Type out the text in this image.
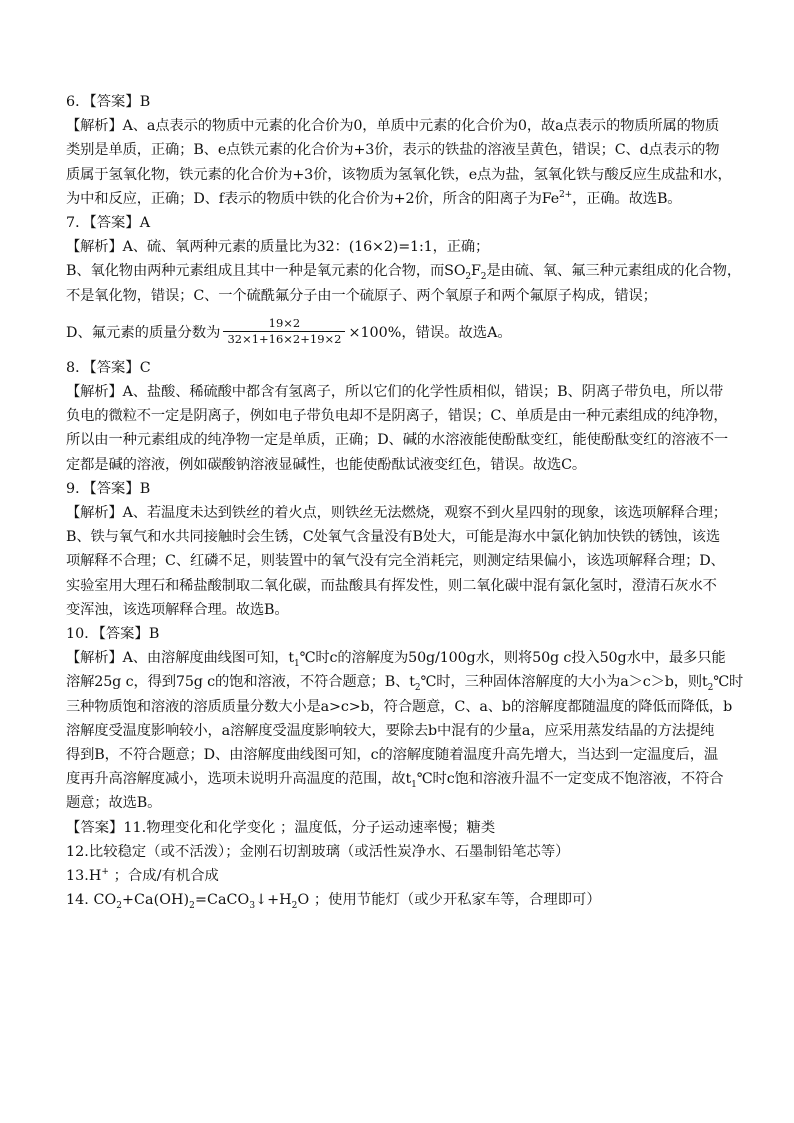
6．【答案】B
【解析】A、a点表示的物质中元素的化合价为0，单质中元素的化合价为0，故a点表示的物质所属的物质
类别是单质，正确；B、e点铁元素的化合价为+3价，表示的铁盐的溶液呈黄色，错误；C、d点表示的物
质属于氢氧化物，铁元素的化合价为+3价，该物质为氢氧化铁，e点为盐，氢氧化铁与酸反应生成盐和水，
为中和反应，正确；D、f表示的物质中铁的化合价为+2价，所含的阳离子为$Fe^{2+}$，正确。故选B。
7．【答案】A
【解析】A、硫、氧两种元素的质量比为32：(16×2)=1:1，正确；
B、氧化物由两种元素组成且其中一种是氧元素的化合物，而$SO_2F_2$是由硫、氧、氟三种元素组成的化合物，
不是氧化物，错误；C、一个硫酰氟分子由一个硫原子、两个氧原子和两个氟原子构成，错误；
D、氟元素的质量分数为 $\frac{19\times 2}{32\times 1+16\times 2+19\times 2} \times 100\%$，错误。故选A。
8．【答案】C
【解析】A、盐酸、稀硫酸中都含有氢离子，所以它们的化学性质相似，错误；B、阴离子带负电，所以带
负电的微粒不一定是阴离子，例如电子带负电却不是阴离子，错误；C、单质是由一种元素组成的纯净物，
所以由一种元素组成的纯净物一定是单质，正确；D、碱的水溶液能使酚酞变红，能使酚酞变红的溶液不一
定都是碱的溶液，例如碳酸钠溶液显碱性，也能使酚酞试液变红色，错误。故选C。
9．【答案】B
【解析】A、若温度未达到铁丝的着火点，则铁丝无法燃烧，观察不到火星四射的现象，该选项解释合理；
B、铁与氧气和水共同接触时会生锈，C处氧气含量没有B处大，可能是海水中氯化钠加快铁的锈蚀，该选
项解释不合理；C、红磷不足，则装置中的氧气没有完全消耗完，则测定结果偏小，该选项解释合理；D、
实验室用大理石和稀盐酸制取二氧化碳，而盐酸具有挥发性，则二氧化碳中混有氯化氢时，澄清石灰水不
变浑浊，该选项解释合理。故选B。
10．【答案】B
【解析】A、由溶解度曲线图可知，$t_1℃$时c的溶解度为50g/100g水，则将50g c投入50g水中，最多只能
溶解25g c，得到75g c的饱和溶液，不符合题意；B、$t_2℃$时，三种固体溶解度的大小为a＞c＞b，则$t_2℃$时
三种物质饱和溶液的溶质质量分数大小是a>c>b，符合题意，C、a、b的溶解度都随温度的降低而降低，b
溶解度受温度影响较小，a溶解度受温度影响较大，要除去b中混有的少量a，应采用蒸发结晶的方法提纯
得到B，不符合题意；D、由溶解度曲线图可知，c的溶解度随着温度升高先增大，当达到一定温度后，温
度再升高溶解度减小，选项未说明升高温度的范围，故$t_1℃$时c饱和溶液升温不一定变成不饱溶液，不符合
题意；故选B。
【答案】11.物理变化和化学变化 ；温度低，分子运动速率慢；糖类
12.比较稳定（或不活泼）；金刚石切割玻璃（或活性炭净水、石墨制铅笔芯等）
13.H+ ；合成/有机合成
14. $CO_2+Ca(OH)_2=CaCO_3↓+H_2O$ ；使用节能灯（或少开私家车等，合理即可）
